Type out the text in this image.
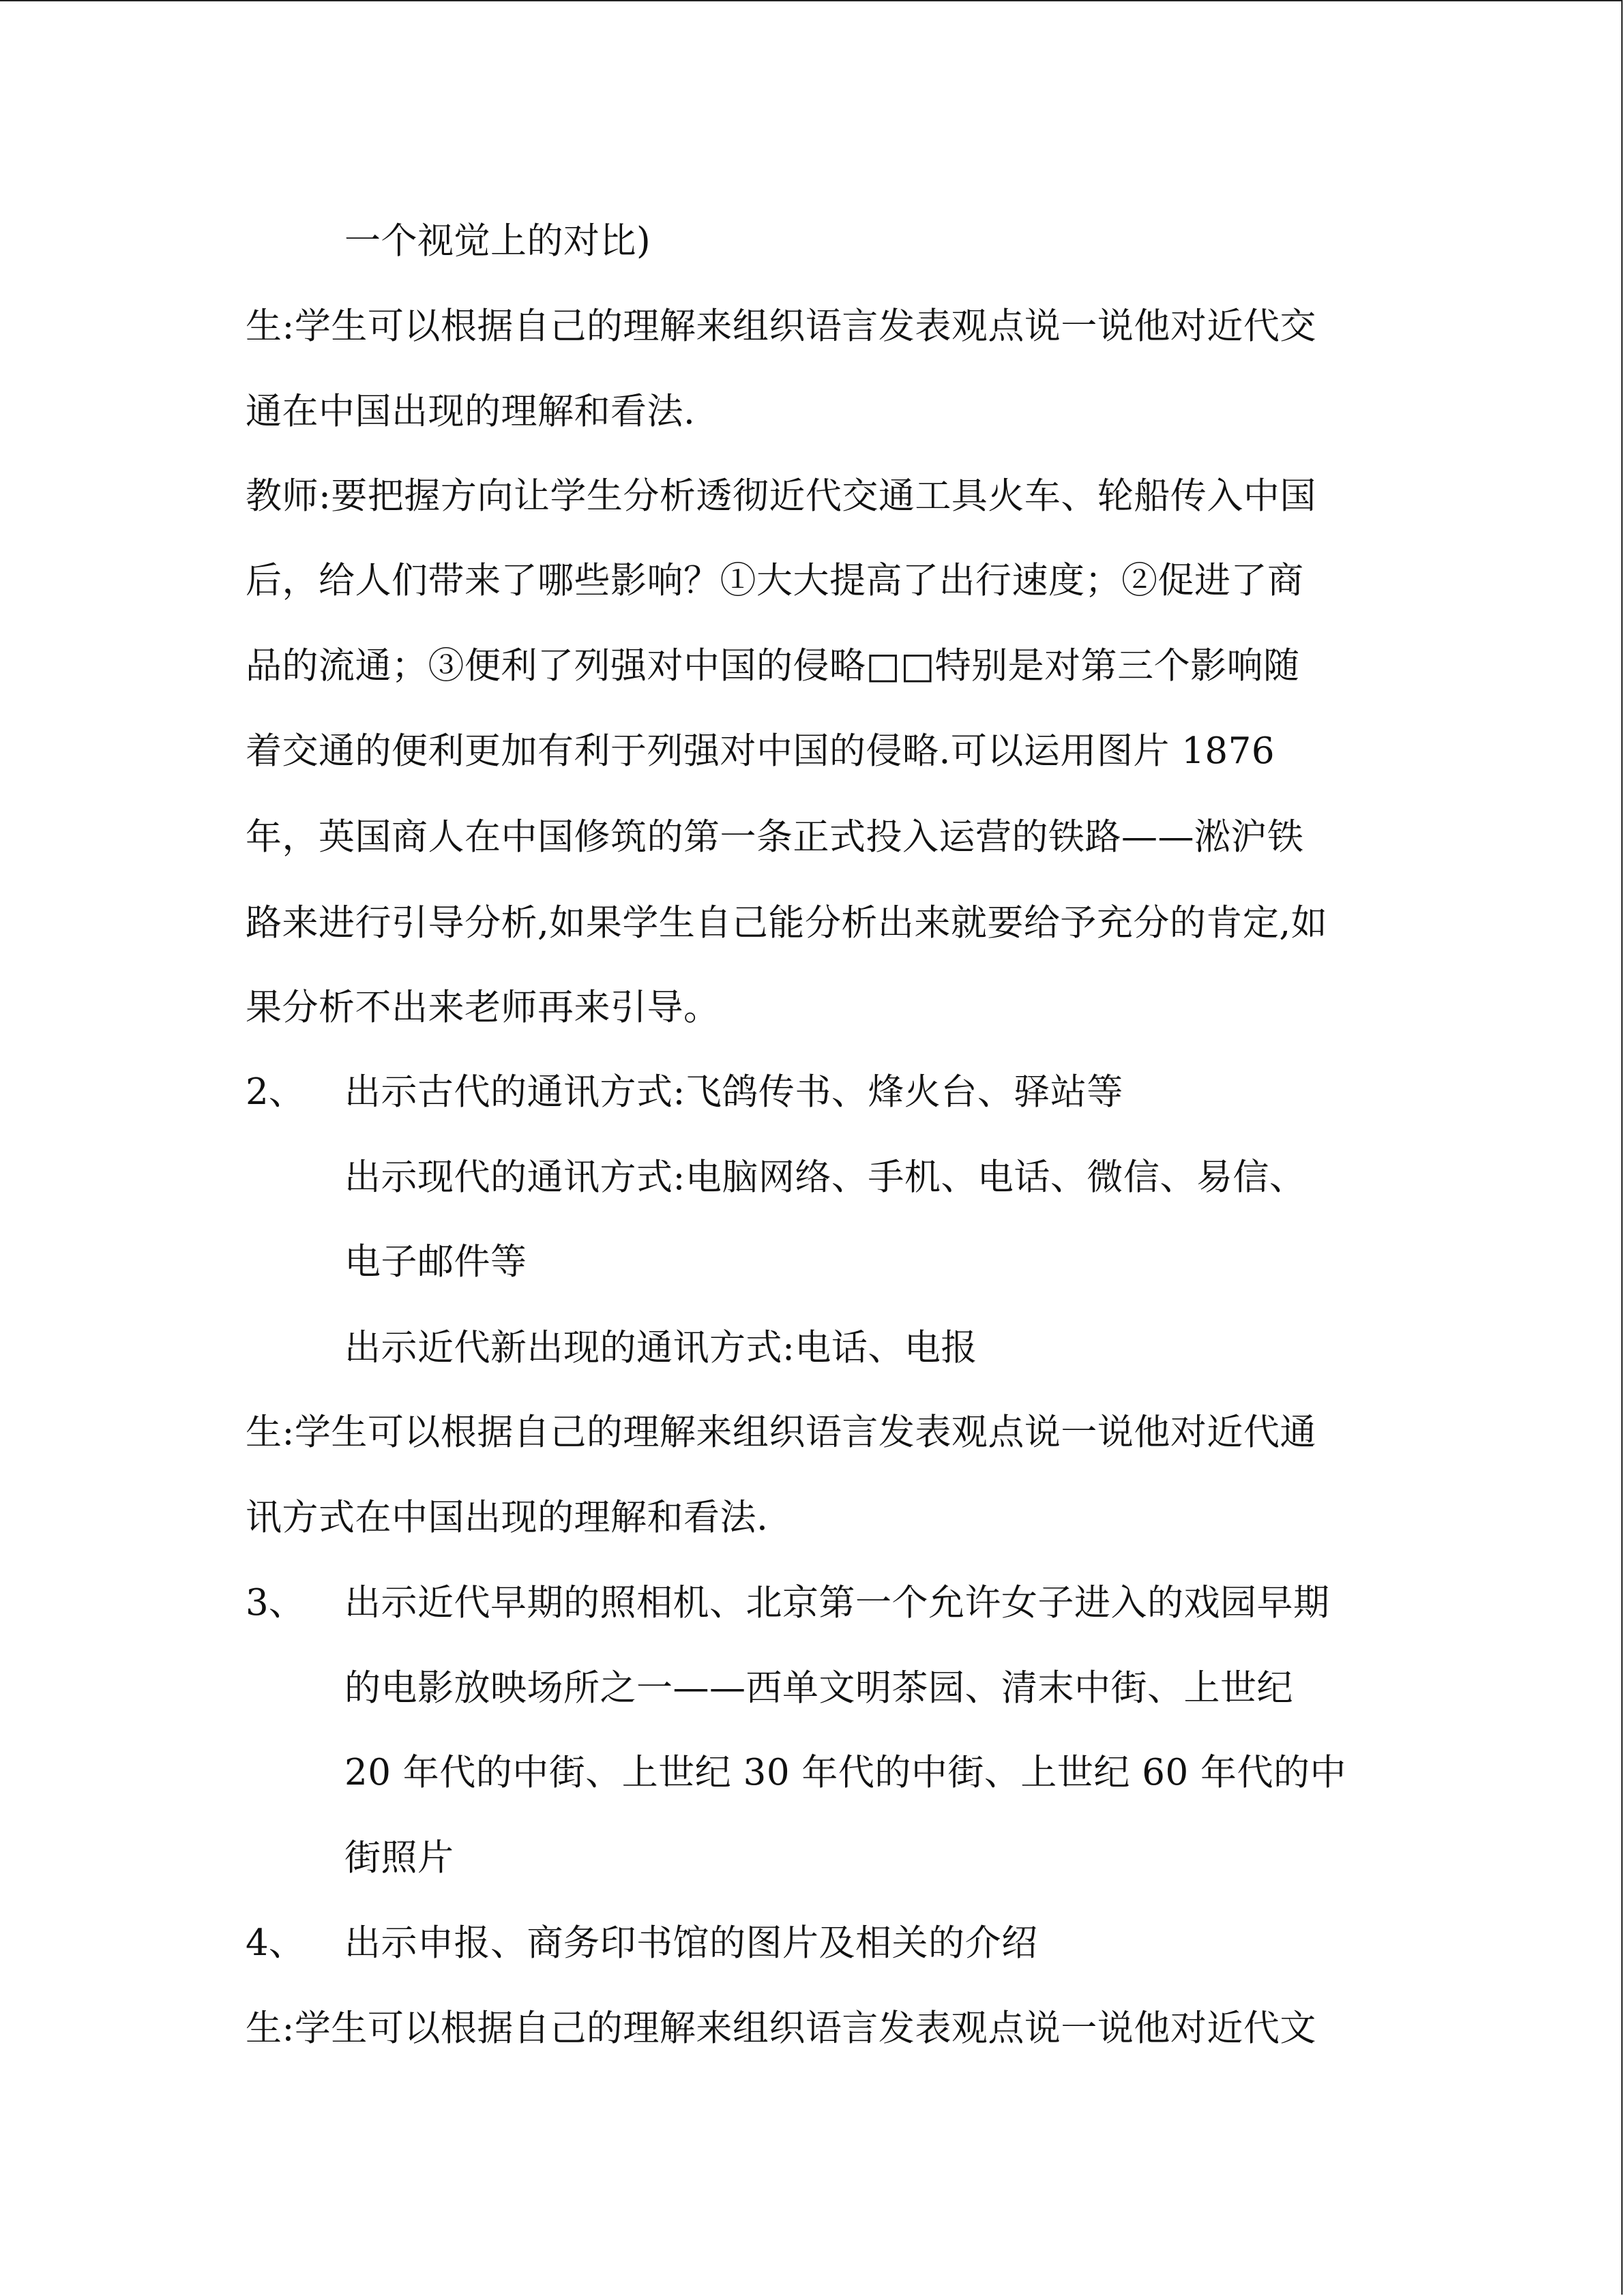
一个视觉上的对比)
生:学生可以根据自己的理解来组织语言发表观点说一说他对近代交
通在中国出现的理解和看法.
教师:要把握方向让学生分析透彻近代交通工具火车、轮船传入中国
后，给人们带来了哪些影响？①大大提高了出行速度；②促进了商
品的流通；③便利了列强对中国的侵略□□特别是对第三个影响随
着交通的便利更加有利于列强对中国的侵略.可以运用图片 1876
年，英国商人在中国修筑的第一条正式投入运营的铁路——淞沪铁
路来进行引导分析,如果学生自己能分析出来就要给予充分的肯定,如
果分析不出来老师再来引导。
2、 出示古代的通讯方式:飞鸽传书、烽火台、驿站等
出示现代的通讯方式:电脑网络、手机、电话、微信、易信、
电子邮件等
出示近代新出现的通讯方式:电话、电报
生:学生可以根据自己的理解来组织语言发表观点说一说他对近代通
讯方式在中国出现的理解和看法.
3、 出示近代早期的照相机、北京第一个允许女子进入的戏园早期
的电影放映场所之一——西单文明茶园、清末中街、上世纪
20 年代的中街、上世纪 30 年代的中街、上世纪 60 年代的中
街照片
4、 出示申报、商务印书馆的图片及相关的介绍
生:学生可以根据自己的理解来组织语言发表观点说一说他对近代文
